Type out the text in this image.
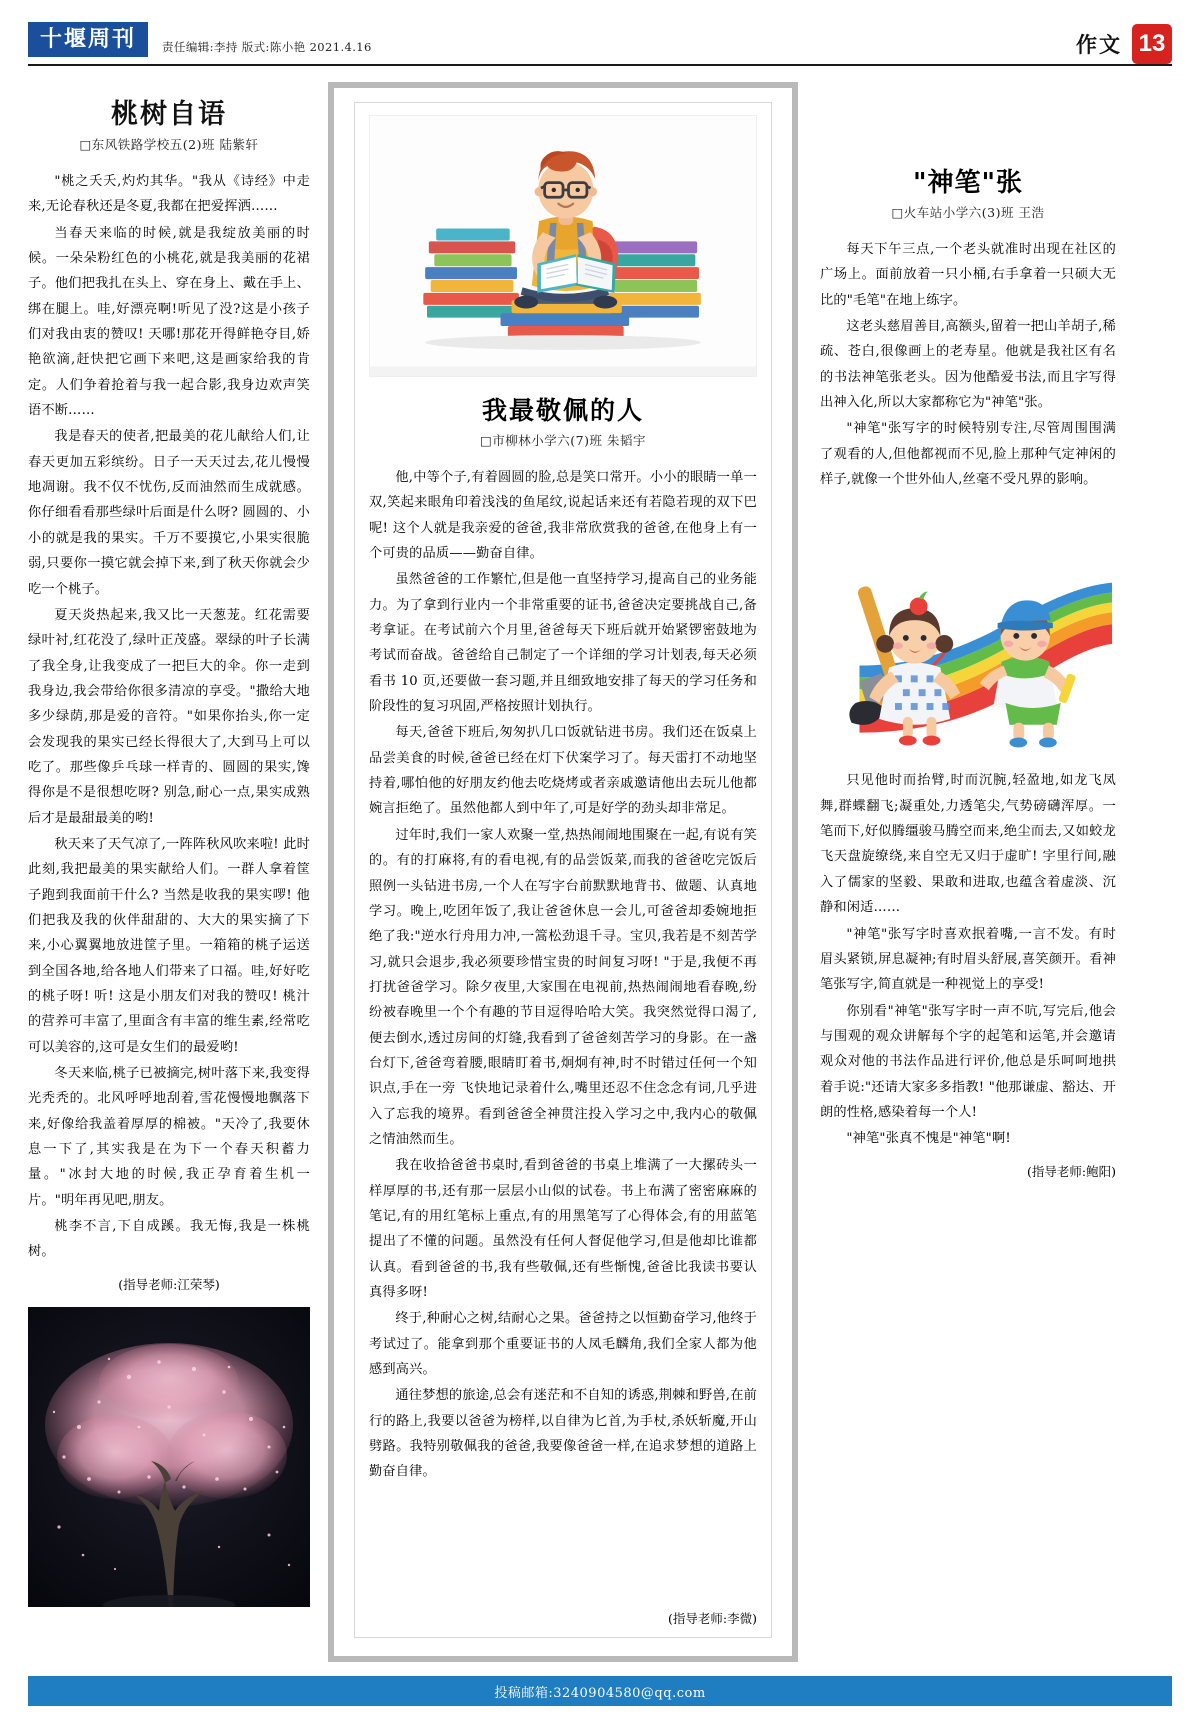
十堰周刊	责任编辑:李持 版式:陈小艳 2021.4.16	作文 13
桃树自语
□东风铁路学校五(2)班 陆紫轩

"桃之夭夭,灼灼其华。"我从《诗经》中走来,无论春秋还是冬夏,我都在把爱挥洒……

当春天来临的时候,就是我绽放美丽的时候。一朵朵粉红色的小桃花,就是我美丽的花裙子。他们把我扎在头上、穿在身上、戴在手上、绑在腿上。哇,好漂亮啊!听见了没?这是小孩子们对我由衷的赞叹! 天哪!那花开得鲜艳夺目,娇艳欲滴,赶快把它画下来吧,这是画家给我的肯定。人们争着抢着与我一起合影,我身边欢声笑语不断……

我是春天的使者,把最美的花儿献给人们,让春天更加五彩缤纷。日子一天天过去,花儿慢慢地凋谢。我不仅不忧伤,反而油然而生成就感。你仔细看看那些绿叶后面是什么呀? 圆圆的、小小的就是我的果实。千万不要摸它,小果实很脆弱,只要你一摸它就会掉下来,到了秋天你就会少吃一个桃子。

夏天炎热起来,我又比一天葱茏。红花需要绿叶衬,红花没了,绿叶正茂盛。翠绿的叶子长满了我全身,让我变成了一把巨大的伞。你一走到我身边,我会带给你很多清凉的享受。"撒给大地多少绿荫,那是爱的音符。"如果你抬头,你一定会发现我的果实已经长得很大了,大到马上可以吃了。那些像乒乓球一样青的、圆圆的果实,馋得你是不是很想吃呀? 别急,耐心一点,果实成熟后才是最甜最美的哟!

秋天来了天气凉了,一阵阵秋风吹来啦! 此时此刻,我把最美的果实献给人们。一群人拿着筐子跑到我面前干什么? 当然是收我的果实啰! 他们把我及我的伙伴甜甜的、大大的果实摘了下来,小心翼翼地放进筐子里。一箱箱的桃子运送到全国各地,给各地人们带来了口福。哇,好好吃的桃子呀! 听! 这是小朋友们对我的赞叹! 桃汁的营养可丰富了,里面含有丰富的维生素,经常吃可以美容的,这可是女生们的最爱哟!

冬天来临,桃子已被摘完,树叶落下来,我变得光秃秃的。北风呼呼地刮着,雪花慢慢地飘落下来,好像给我盖着厚厚的棉被。"天冷了,我要休息一下了,其实我是在为下一个春天积蓄力量。"冰封大地的时候,我正孕育着生机一片。"明年再见吧,朋友。

桃李不言,下自成蹊。我无悔,我是一株桃树。

(指导老师:江荣琴)

我最敬佩的人
□市柳林小学六(7)班 朱韬宇

他,中等个子,有着圆圆的脸,总是笑口常开。小小的眼睛一单一双,笑起来眼角印着浅浅的鱼尾纹,说起话来还有若隐若现的双下巴呢! 这个人就是我亲爱的爸爸,我非常欣赏我的爸爸,在他身上有一个可贵的品质——勤奋自律。

虽然爸爸的工作繁忙,但是他一直坚持学习,提高自己的业务能力。为了拿到行业内一个非常重要的证书,爸爸决定要挑战自己,备考拿证。在考试前六个月里,爸爸每天下班后就开始紧锣密鼓地为考试而奋战。爸爸给自己制定了一个详细的学习计划表,每天必须看书 10 页,还要做一套习题,并且细致地安排了每天的学习任务和阶段性的复习巩固,严格按照计划执行。

每天,爸爸下班后,匆匆扒几口饭就钻进书房。我们还在饭桌上品尝美食的时候,爸爸已经在灯下伏案学习了。每天雷打不动地坚持着,哪怕他的好朋友约他去吃烧烤或者亲戚邀请他出去玩儿他都婉言拒绝了。虽然他都人到中年了,可是好学的劲头却非常足。

过年时,我们一家人欢聚一堂,热热闹闹地围聚在一起,有说有笑的。有的打麻将,有的看电视,有的品尝饭菜,而我的爸爸吃完饭后照例一头钻进书房,一个人在写字台前默默地背书、做题、认真地学习。晚上,吃团年饭了,我让爸爸休息一会儿,可爸爸却委婉地拒绝了我:"逆水行舟用力冲,一篙松劲退千寻。宝贝,我若是不刻苦学习,就只会退步,我必须要珍惜宝贵的时间复习呀! "于是,我便不再打扰爸爸学习。除夕夜里,大家围在电视前,热热闹闹地看春晚,纷纷被春晚里一个个有趣的节目逗得哈哈大笑。我突然觉得口渴了,便去倒水,透过房间的灯缝,我看到了爸爸刻苦学习的身影。在一盏台灯下,爸爸弯着腰,眼睛盯着书,炯炯有神,时不时错过任何一个知识点,手在一旁 飞快地记录着什么,嘴里还忍不住念念有词,几乎进入了忘我的境界。看到爸爸全神贯注投入学习之中,我内心的敬佩之情油然而生。

我在收拾爸爸书桌时,看到爸爸的书桌上堆满了一大摞砖头一样厚厚的书,还有那一层层小山似的试卷。书上布满了密密麻麻的笔记,有的用红笔标上重点,有的用黑笔写了心得体会,有的用蓝笔提出了不懂的问题。虽然没有任何人督促他学习,但是他却比谁都认真。看到爸爸的书,我有些敬佩,还有些惭愧,爸爸比我读书要认真得多呀!

终于,种耐心之树,结耐心之果。爸爸持之以恒勤奋学习,他终于考试过了。能拿到那个重要证书的人凤毛麟角,我们全家人都为他感到高兴。

通往梦想的旅途,总会有迷茫和不自知的诱惑,荆棘和野兽,在前行的路上,我要以爸爸为榜样,以自律为匕首,为手杖,杀妖斩魔,开山劈路。我特别敬佩我的爸爸,我要像爸爸一样,在追求梦想的道路上勤奋自律。

(指导老师:李微)

"神笔"张
□火车站小学六(3)班 王浩

每天下午三点,一个老头就准时出现在社区的广场上。面前放着一只小桶,右手拿着一只硕大无比的"毛笔"在地上练字。

这老头慈眉善目,高额头,留着一把山羊胡子,稀疏、苍白,很像画上的老寿星。他就是我社区有名的书法神笔张老头。因为他酷爱书法,而且字写得出神入化,所以大家都称它为"神笔"张。

"神笔"张写字的时候特别专注,尽管周围围满了观看的人,但他都视而不见,脸上那种气定神闲的样子,就像一个世外仙人,丝毫不受凡界的影响。

只见他时而抬臂,时而沉腕,轻盈地,如龙飞凤舞,群蝶翻飞;凝重处,力透笔尖,气势磅礴浑厚。一笔而下,好似腾缰骏马腾空而来,绝尘而去,又如蛟龙飞天盘旋缭绕,来自空无又归于虚旷! 字里行间,融入了儒家的坚毅、果敢和进取,也蕴含着虚淡、沉静和闲适……

"神笔"张写字时喜欢抿着嘴,一言不发。有时眉头紧锁,屏息凝神;有时眉头舒展,喜笑颜开。看神笔张写字,简直就是一种视觉上的享受!

你别看"神笔"张写字时一声不吭,写完后,他会与围观的观众讲解每个字的起笔和运笔,并会邀请观众对他的书法作品进行评价,他总是乐呵呵地拱着手说:"还请大家多多指教! "他那谦虚、豁达、开朗的性格,感染着每一个人!

"神笔"张真不愧是"神笔"啊!

(指导老师:鲍阳)

投稿邮箱:3240904580@qq.com
